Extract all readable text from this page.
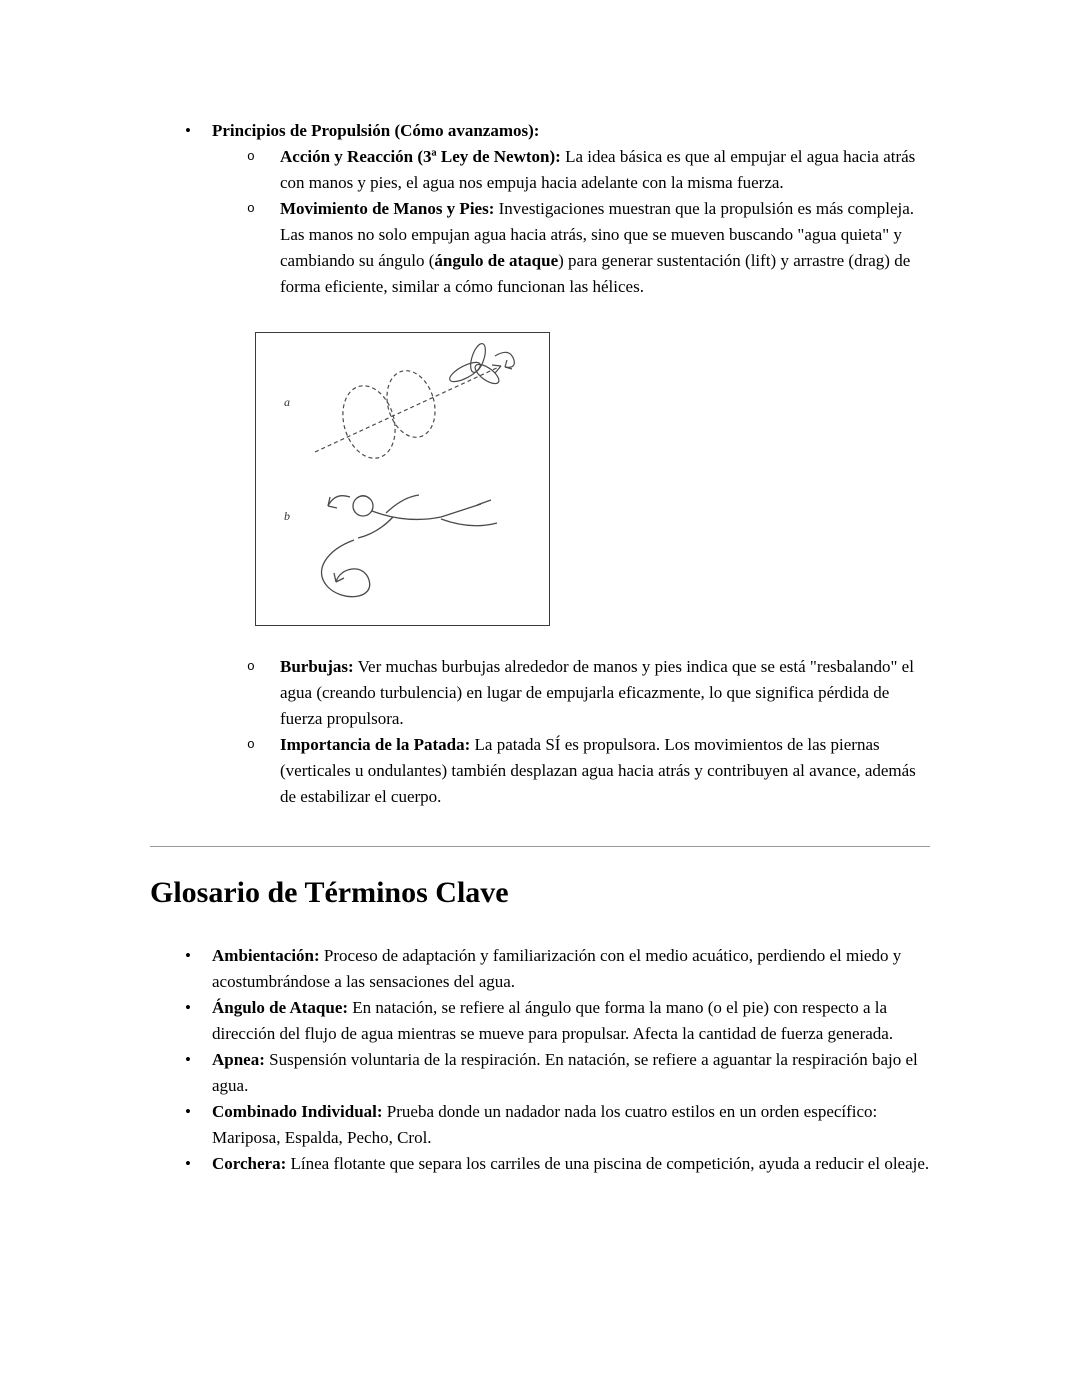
•	Principios de Propulsión (Cómo avanzamos):
o	Acción y Reacción (3ª Ley de Newton): La idea básica es que al empujar el agua hacia atrás con manos y pies, el agua nos empuja hacia adelante con la misma fuerza.
o	Movimiento de Manos y Pies: Investigaciones muestran que la propulsión es más compleja. Las manos no solo empujan agua hacia atrás, sino que se mueven buscando "agua quieta" y cambiando su ángulo (ángulo de ataque) para generar sustentación (lift) y arrastre (drag) de forma eficiente, similar a cómo funcionan las hélices.
a
b
o	Burbujas: Ver muchas burbujas alrededor de manos y pies indica que se está "resbalando" el agua (creando turbulencia) en lugar de empujarla eficazmente, lo que significa pérdida de fuerza propulsora.
o	Importancia de la Patada: La patada SÍ es propulsora. Los movimientos de las piernas (verticales u ondulantes) también desplazan agua hacia atrás y contribuyen al avance, además de estabilizar el cuerpo.
Glosario de Términos Clave
•	Ambientación: Proceso de adaptación y familiarización con el medio acuático, perdiendo el miedo y acostumbrándose a las sensaciones del agua.
•	Ángulo de Ataque: En natación, se refiere al ángulo que forma la mano (o el pie) con respecto a la dirección del flujo de agua mientras se mueve para propulsar. Afecta la cantidad de fuerza generada.
•	Apnea: Suspensión voluntaria de la respiración. En natación, se refiere a aguantar la respiración bajo el agua.
•	Combinado Individual: Prueba donde un nadador nada los cuatro estilos en un orden específico: Mariposa, Espalda, Pecho, Crol.
•	Corchera: Línea flotante que separa los carriles de una piscina de competición, ayuda a reducir el oleaje.
